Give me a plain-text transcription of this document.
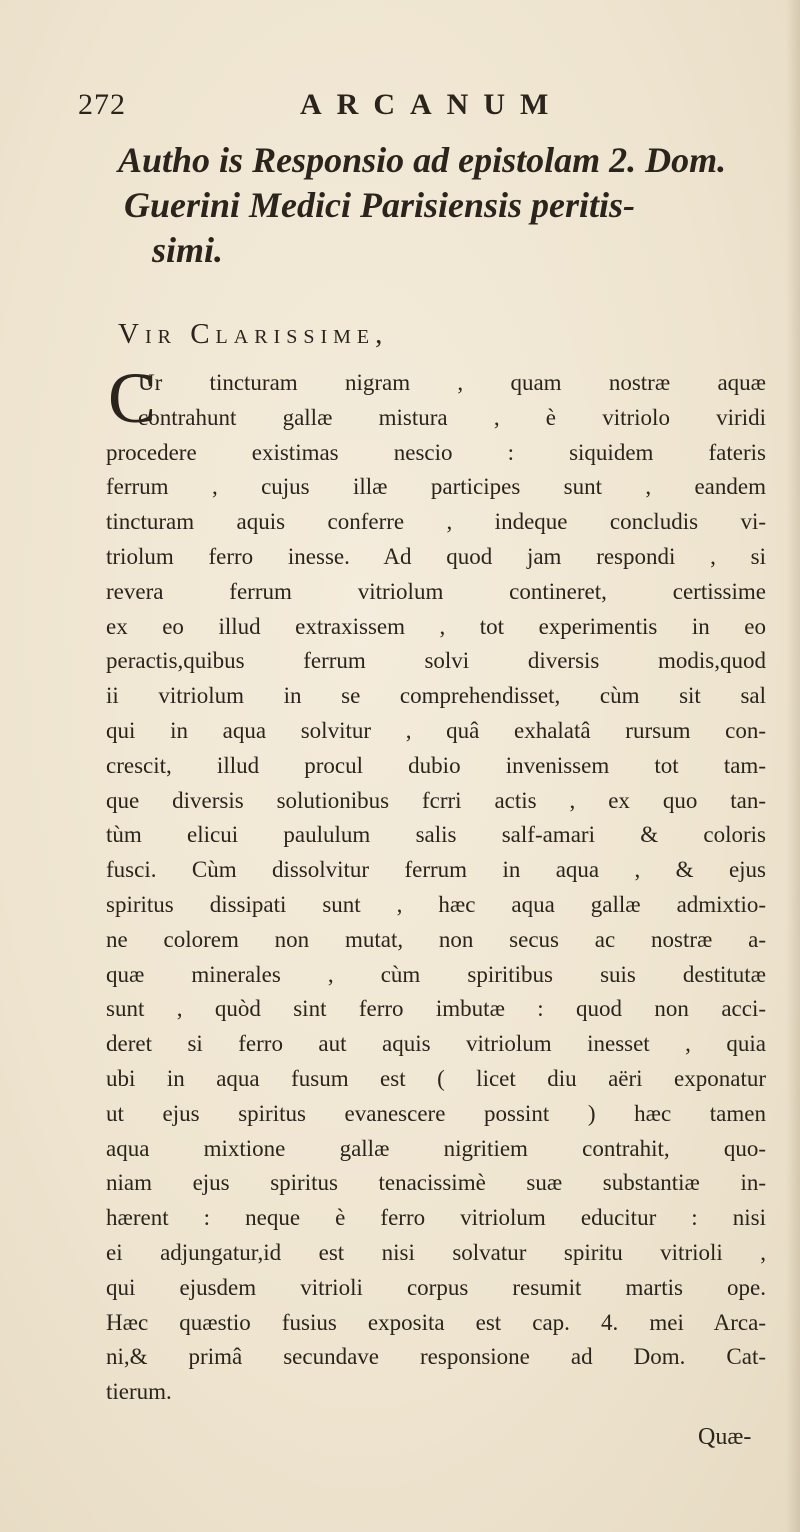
272	ARCANUM
Autho is Responsio ad epistolam 2. Dom.
Guerini Medici Parisiensis peritis-
simi.
Vir Clarissime,
C
Ur tincturam nigram , quam nostræ aquæ
contrahunt gallæ mistura , è vitriolo viridi
procedere existimas nescio : siquidem fateris
ferrum , cujus illæ participes sunt , eandem
tincturam aquis conferre , indeque concludis vi-
triolum ferro inesse. Ad quod jam respondi , si
revera ferrum vitriolum contineret, certissime
ex eo illud extraxissem , tot experimentis in eo
peractis,quibus ferrum solvi diversis modis,quod
ii vitriolum in se comprehendisset, cùm sit sal
qui in aqua solvitur , quâ exhalatâ rursum con-
crescit, illud procul dubio invenissem tot tam-
que diversis solutionibus fcrri actis , ex quo tan-
tùm elicui paululum salis salf-amari & coloris
fusci. Cùm dissolvitur ferrum in aqua , & ejus
spiritus dissipati sunt , hæc aqua gallæ admixtio-
ne colorem non mutat, non secus ac nostræ a-
quæ minerales , cùm spiritibus suis destitutæ
sunt , quòd sint ferro imbutæ : quod non acci-
deret si ferro aut aquis vitriolum inesset , quia
ubi in aqua fusum est ( licet diu aëri exponatur
ut ejus spiritus evanescere possint ) hæc tamen
aqua mixtione gallæ nigritiem contrahit, quo-
niam ejus spiritus tenacissimè suæ substantiæ in-
hærent : neque è ferro vitriolum educitur : nisi
ei adjungatur,id est nisi solvatur spiritu vitrioli ,
qui ejusdem vitrioli corpus resumit martis ope.
Hæc quæstio fusius exposita est cap. 4. mei Arca-
ni,& primâ secundave responsione ad Dom. Cat-
tierum.
Quæ-
